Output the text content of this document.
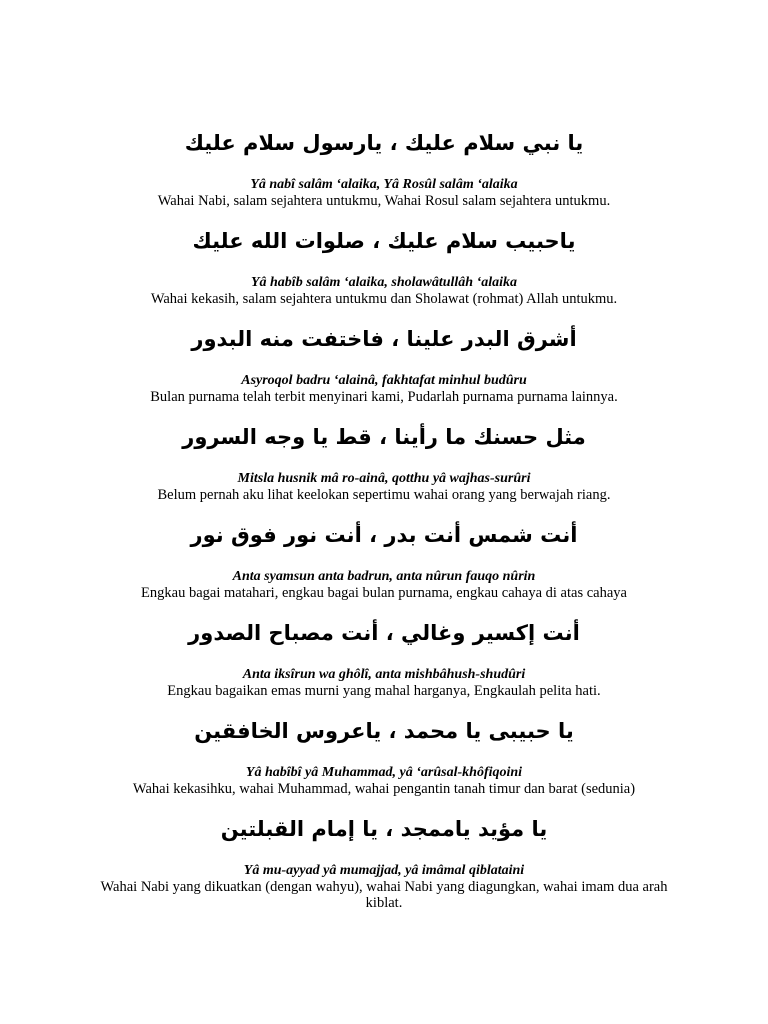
يا نبي سلام عليك ، يارسول سلام عليك

Yâ nabî salâm ‘alaika, Yâ Rosûl salâm ‘alaika

Wahai Nabi, salam sejahtera untukmu, Wahai Rosul salam sejahtera untukmu.

ياحبيب سلام عليك ، صلوات الله عليك

Yâ habîb salâm ‘alaika, sholawâtullâh ‘alaika

Wahai kekasih, salam sejahtera untukmu dan Sholawat (rohmat) Allah untukmu.

أشرق البدر علينا ، فاختفت منه البدور

Asyroqol badru ‘alainâ, fakhtafat minhul budûru

Bulan purnama telah terbit menyinari kami, Pudarlah purnama purnama lainnya.

مثل حسنك ما رأينا ، قط يا وجه السرور

Mitsla husnik mâ ro-ainâ, qotthu yâ wajhas-surûri

Belum pernah aku lihat keelokan sepertimu wahai orang yang berwajah riang.

أنت شمس أنت بدر ، أنت نور فوق نور

Anta syamsun anta badrun, anta nûrun fauqo nûrin

Engkau bagai matahari, engkau bagai bulan purnama, engkau cahaya di atas cahaya

أنت إكسير وغالي ، أنت مصباح الصدور

Anta iksîrun wa ghôlî, anta mishbâhush-shudûri

Engkau bagaikan emas murni yang mahal harganya, Engkaulah pelita hati.

يا حبيبى يا محمد ، ياعروس الخافقين

Yâ habîbî yâ Muhammad, yâ ‘arûsal-khôfiqoini

Wahai kekasihku, wahai Muhammad, wahai pengantin tanah timur dan barat (sedunia)

يا مؤيد ياممجد ، يا إمام القبلتين

Yâ mu-ayyad yâ mumajjad, yâ imâmal qiblataini

Wahai Nabi yang dikuatkan (dengan wahyu), wahai Nabi yang diagungkan, wahai imam dua arah kiblat.
